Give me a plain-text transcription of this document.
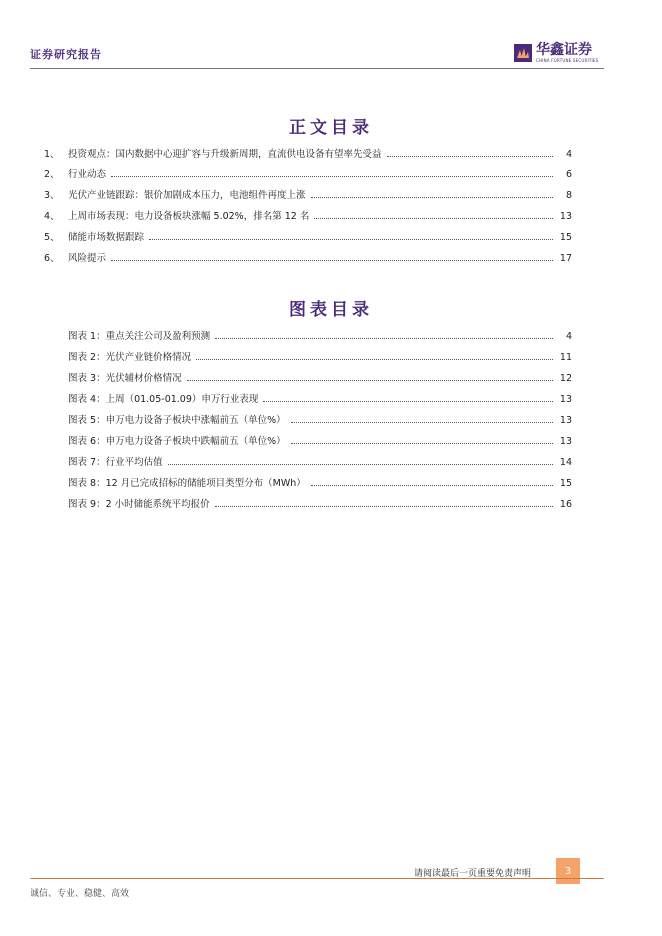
证券研究报告	华鑫证券
CHINA FORTUNE SECURITIES
正文目录
1、 投资观点：国内数据中心迎扩容与升级新周期，直流供电设备有望率先受益	4
2、 行业动态	6
3、 光伏产业链跟踪：银价加剧成本压力，电池组件再度上涨	8
4、 上周市场表现：电力设备板块涨幅 5.02%，排名第 12 名	13
5、 储能市场数据跟踪	15
6、 风险提示	17
图表目录
图表 1：重点关注公司及盈利预测	4
图表 2：光伏产业链价格情况	11
图表 3：光伏辅材价格情况	12
图表 4：上周（01.05-01.09）申万行业表现	13
图表 5：申万电力设备子板块中涨幅前五（单位%）	13
图表 6：申万电力设备子板块中跌幅前五（单位%）	13
图表 7：行业平均估值	14
图表 8：12 月已完成招标的储能项目类型分布（MWh）	15
图表 9：2 小时储能系统平均报价	16
请阅读最后一页重要免责声明	3
诚信、专业、稳健、高效
